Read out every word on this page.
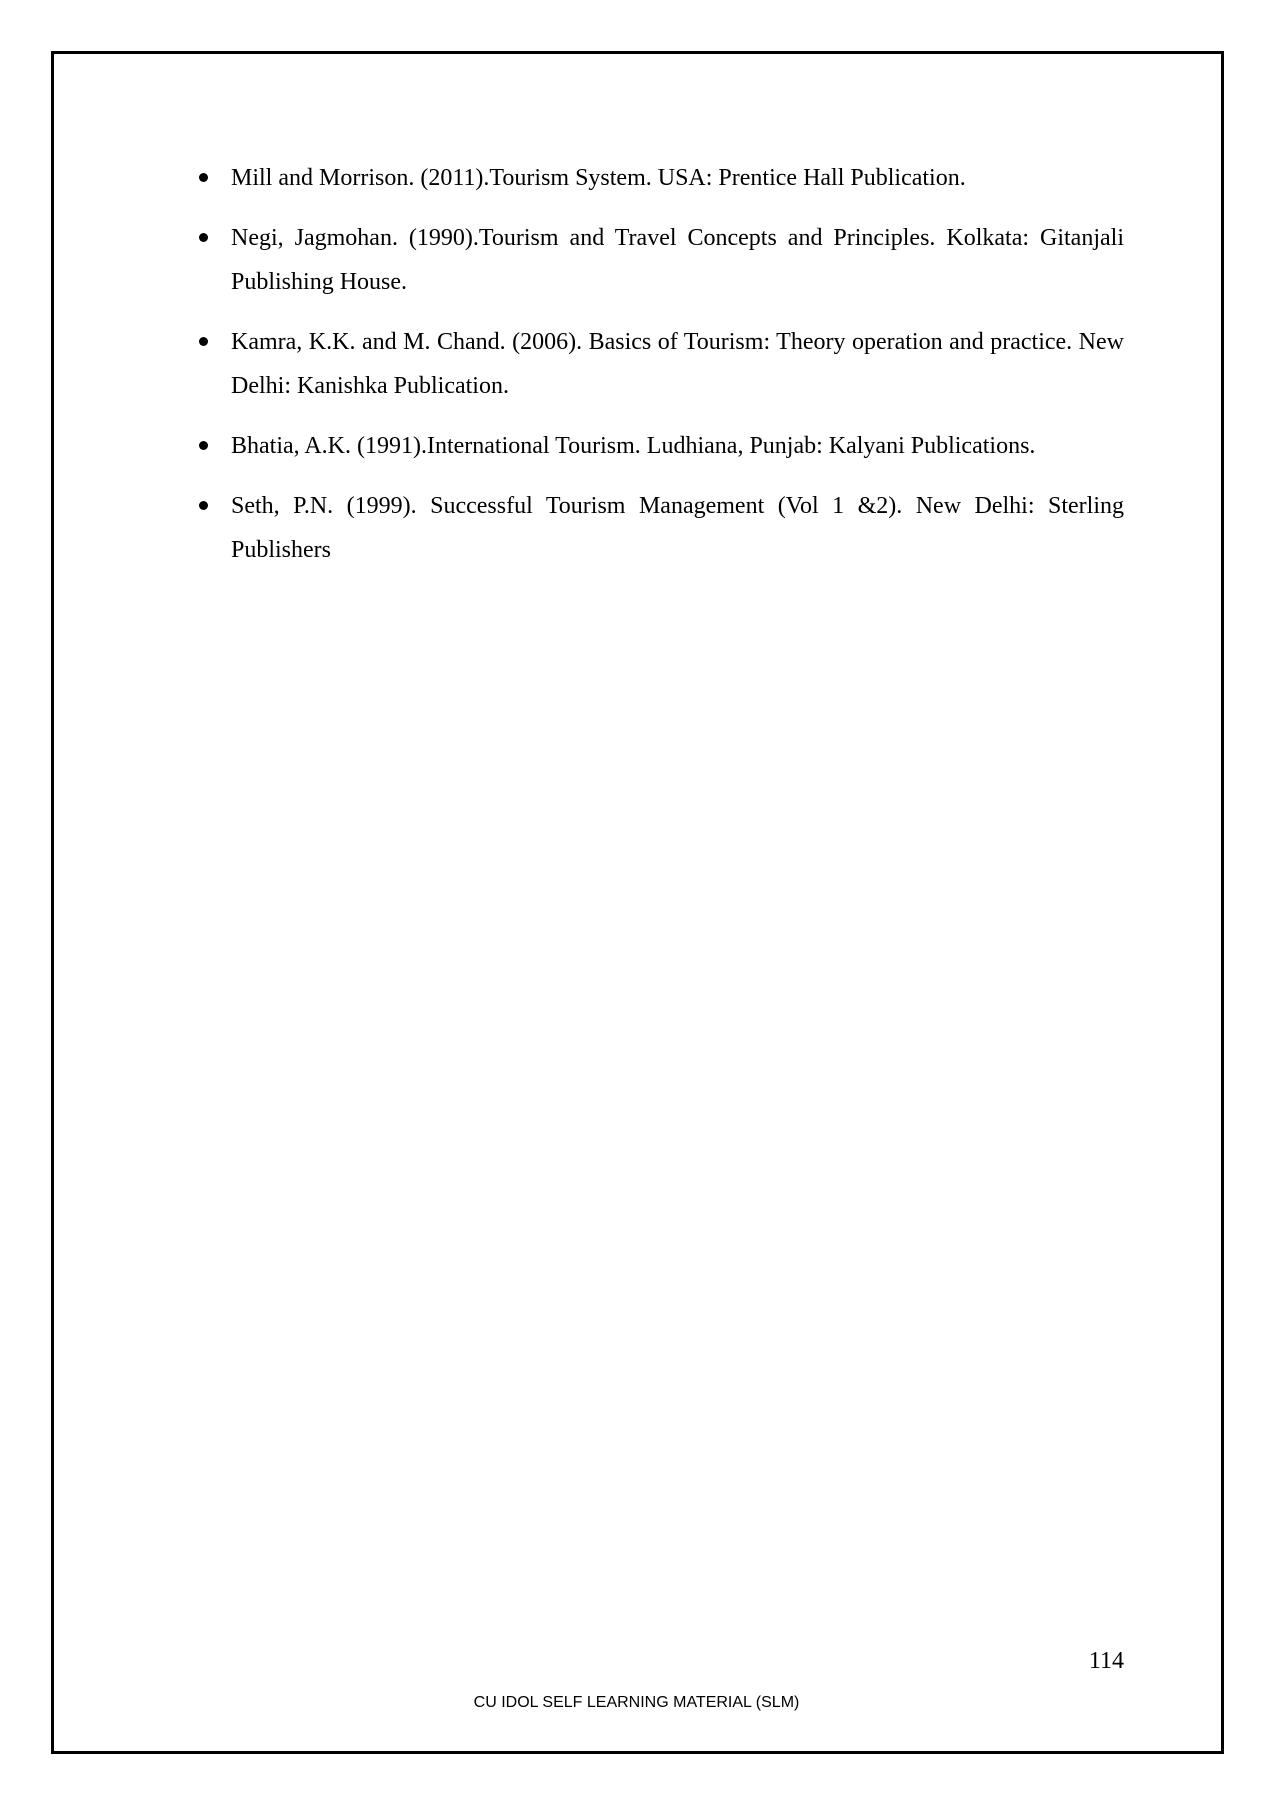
Mill and Morrison. (2011).Tourism System. USA: Prentice Hall Publication.
Negi, Jagmohan. (1990).Tourism and Travel Concepts and Principles. Kolkata: Gitanjali Publishing House.
Kamra, K.K. and M. Chand. (2006). Basics of Tourism: Theory operation and practice. New Delhi: Kanishka Publication.
Bhatia, A.K. (1991).International Tourism. Ludhiana, Punjab: Kalyani Publications.
Seth, P.N. (1999). Successful Tourism Management (Vol 1 &2). New Delhi: Sterling Publishers
114
CU IDOL SELF LEARNING MATERIAL (SLM)
